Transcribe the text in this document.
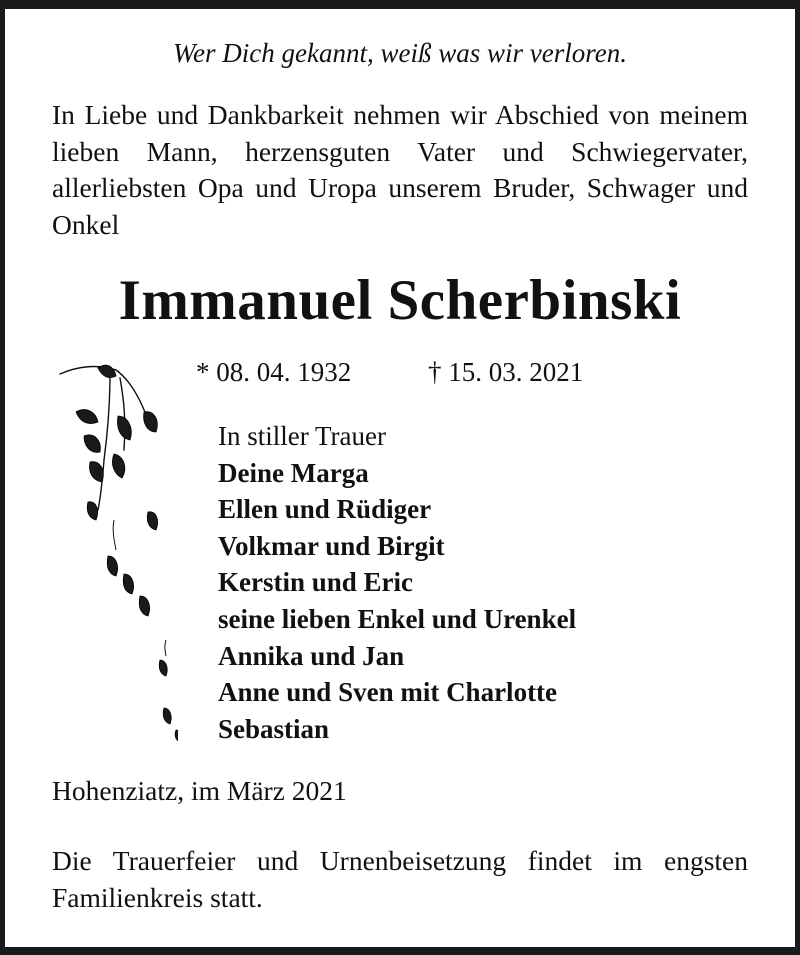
Wer Dich gekannt, weiß was wir verloren.
In Liebe und Dankbarkeit nehmen wir Abschied von meinem lieben Mann, herzensguten Vater und Schwiegervater, allerliebsten Opa und Uropa unserem Bruder, Schwager und Onkel
Immanuel Scherbinski
* 08. 04. 1932	† 15. 03. 2021
In stiller Trauer
Deine Marga
Ellen und Rüdiger
Volkmar und Birgit
Kerstin und Eric
seine lieben Enkel und Urenkel
Annika und Jan
Anne und Sven mit Charlotte
Sebastian
Hohenziatz, im März 2021
Die Trauerfeier und Urnenbeisetzung findet im engsten Familienkreis statt.
